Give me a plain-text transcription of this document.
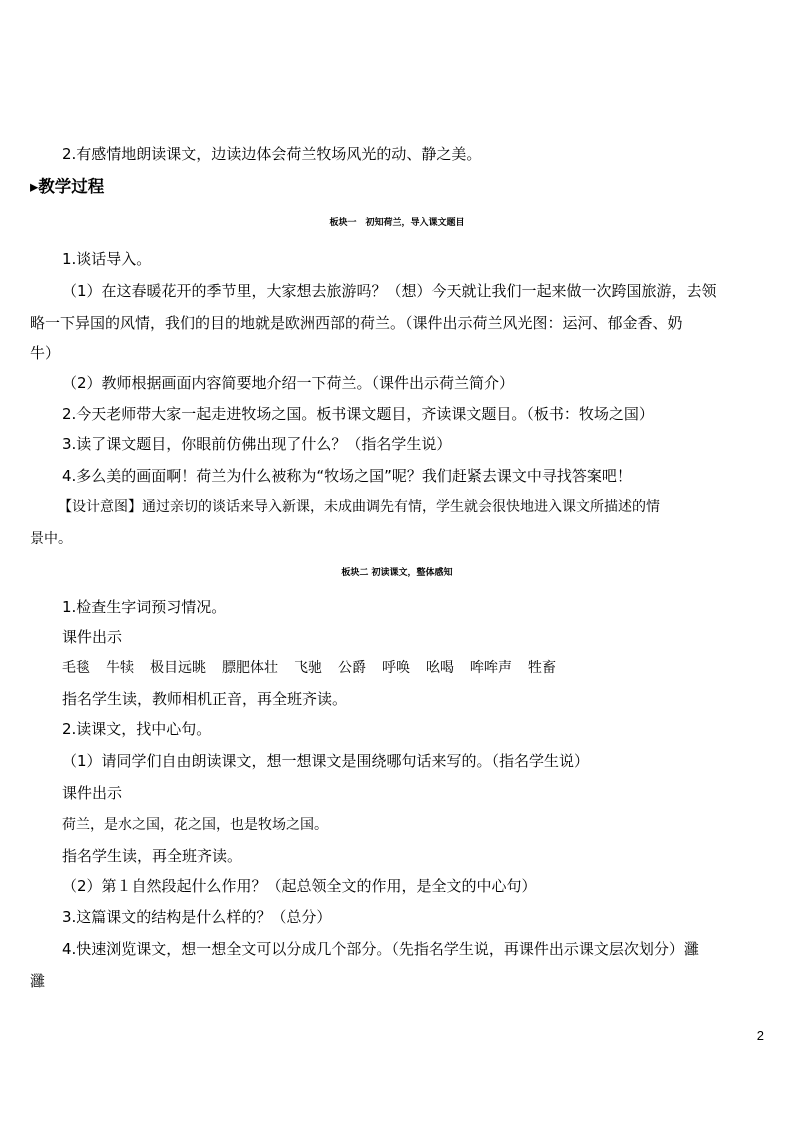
2.有感情地朗读课文，边读边体会荷兰牧场风光的动、静之美。
▸教学过程
板块一　初知荷兰，导入课文题目
1.谈话导入。
（1）在这春暖花开的季节里，大家想去旅游吗？（想）今天就让我们一起来做一次跨国旅游，去领
略一下异国的风情，我们的目的地就是欧洲西部的荷兰。（课件出示荷兰风光图：运河、郁金香、奶
牛）
（2）教师根据画面内容简要地介绍一下荷兰。（课件出示荷兰简介）
2.今天老师带大家一起走进牧场之国。板书课文题目，齐读课文题目。（板书：牧场之国）
3.读了课文题目，你眼前仿佛出现了什么？（指名学生说）
4.多么美的画面啊！荷兰为什么被称为“牧场之国”呢？我们赶紧去课文中寻找答案吧！
【设计意图】通过亲切的谈话来导入新课，未成曲调先有情，学生就会很快地进入课文所描述的情
景中。
板块二 初读课文，整体感知
1.检查生字词预习情况。
课件出示
毛毯 牛犊 极目远眺 膘肥体壮 飞驰 公爵 呼唤 吆喝 哞哞声 牲畜
指名学生读，教师相机正音，再全班齐读。
2.读课文，找中心句。
（1）请同学们自由朗读课文，想一想课文是围绕哪句话来写的。（指名学生说）
课件出示
荷兰，是水之国，花之国，也是牧场之国。
指名学生读，再全班齐读。
（2）第１自然段起什么作用？（起总领全文的作用，是全文的中心句）
3.这篇课文的结构是什么样的？（总分）
4.快速浏览课文，想一想全文可以分成几个部分。（先指名学生说，再课件出示课文层次划分）灉
灉
2
